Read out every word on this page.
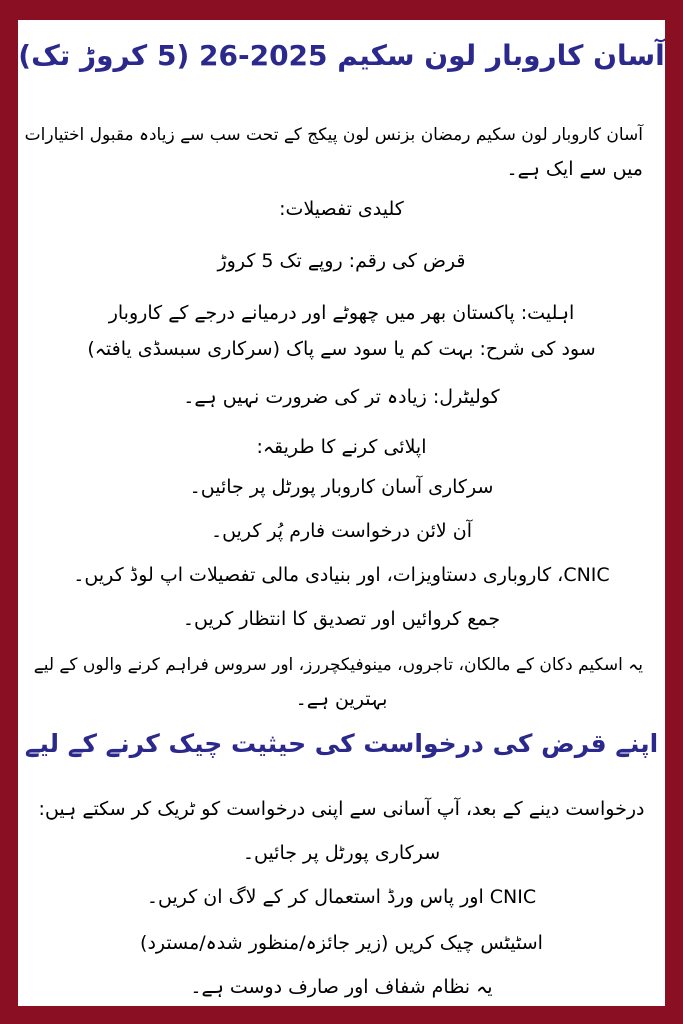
آسان کاروبار لون سکیم 2025-26 (5 کروڑ تک)
آسان کاروبار لون سکیم رمضان بزنس لون پیکج کے تحت سب سے زیادہ مقبول اختیارات
میں سے ایک ہے۔
کلیدی تفصیلات:
قرض کی رقم: روپے تک 5 کروڑ
اہلیت: پاکستان بھر میں چھوٹے اور درمیانے درجے کے کاروبار
سود کی شرح: بہت کم یا سود سے پاک (سرکاری سبسڈی یافتہ)
کولیٹرل: زیادہ تر کی ضرورت نہیں ہے۔
اپلائی کرنے کا طریقہ:
سرکاری آسان کاروبار پورٹل پر جائیں۔
آن لائن درخواست فارم پُر کریں۔
CNIC، کاروباری دستاویزات، اور بنیادی مالی تفصیلات اپ لوڈ کریں۔
جمع کروائیں اور تصدیق کا انتظار کریں۔
یہ اسکیم دکان کے مالکان، تاجروں، مینوفیکچررز، اور سروس فراہم کرنے والوں کے لیے
بہترین ہے۔
اپنے قرض کی درخواست کی حیثیت چیک کرنے کے لیے
درخواست دینے کے بعد، آپ آسانی سے اپنی درخواست کو ٹریک کر سکتے ہیں:
سرکاری پورٹل پر جائیں۔
CNIC اور پاس ورڈ استعمال کر کے لاگ ان کریں۔
اسٹیٹس چیک کریں (زیر جائزہ/منظور شدہ/مسترد)
یہ نظام شفاف اور صارف دوست ہے۔
